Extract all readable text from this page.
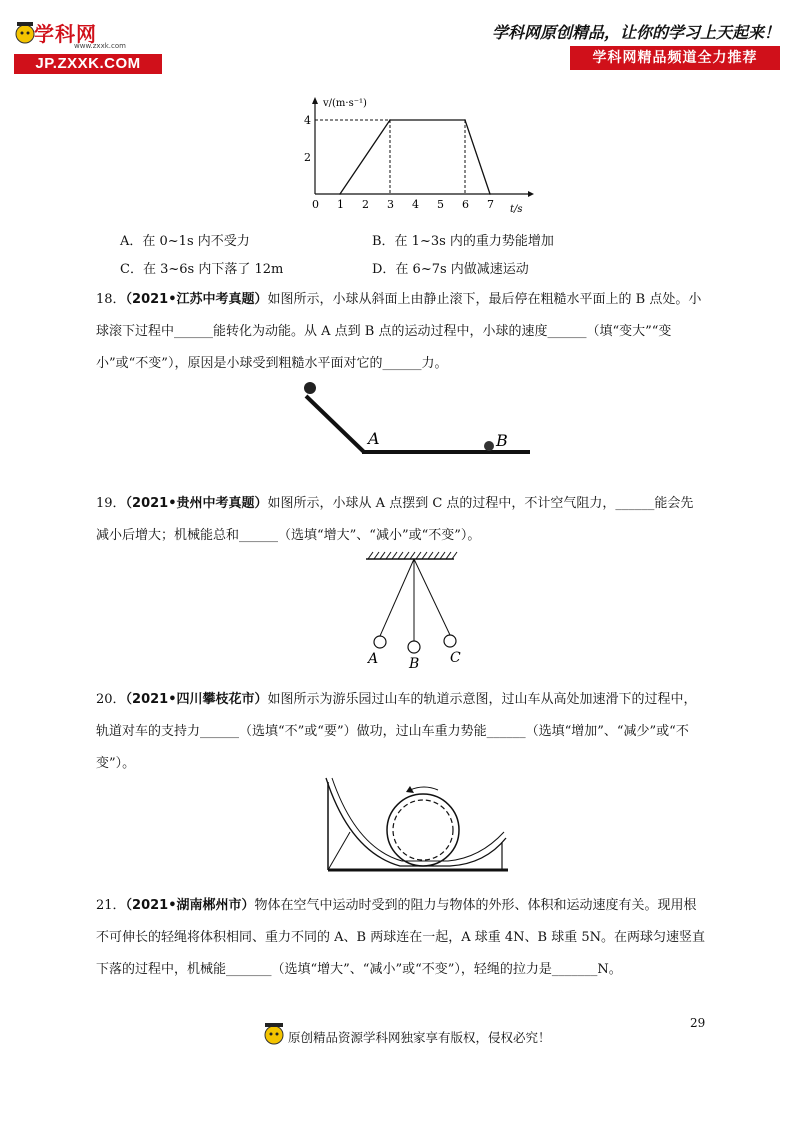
学科网
www.zxxk.com
JP.ZXXK.COM
学科网原创精品，让你的学习上天起来！
学科网精品频道全力推荐
0 1 2 3 4 5 6 7
2
4
v/(m·s⁻¹)
t/s
A．在 0~1s 内不受力	B．在 1~3s 内的重力势能增加
C．在 3~6s 内下落了 12m	D．在 6~7s 内做减速运动
18．（2021•江苏中考真题）如图所示，小球从斜面上由静止滚下，最后停在粗糙水平面上的 B 点处。小球滚下过程中______能转化为动能。从 A 点到 B 点的运动过程中，小球的速度______（填“变大”“变小”或“不变”），原因是小球受到粗糙水平面对它的______力。
A	B
19．（2021•贵州中考真题）如图所示，小球从 A 点摆到 C 点的过程中，不计空气阻力，______能会先减小后增大；机械能总和______（选填“增大”、“减小”或“不变”）。
A B C
20．（2021•四川攀枝花市）如图所示为游乐园过山车的轨道示意图，过山车从高处加速滑下的过程中，轨道对车的支持力______（选填“不”或“要”）做功，过山车重力势能______（选填“增加”、“减少”或“不变”）。
21．（2021•湖南郴州市）物体在空气中运动时受到的阻力与物体的外形、体积和运动速度有关。现用根不可伸长的轻绳将体积相同、重力不同的 A、B 两球连在一起，A 球重 4N、B 球重 5N。在两球匀速竖直下落的过程中，机械能_______（选填“增大”、“减小”或“不变”），轻绳的拉力是_______N。
29
原创精品资源学科网独家享有版权，侵权必究！
